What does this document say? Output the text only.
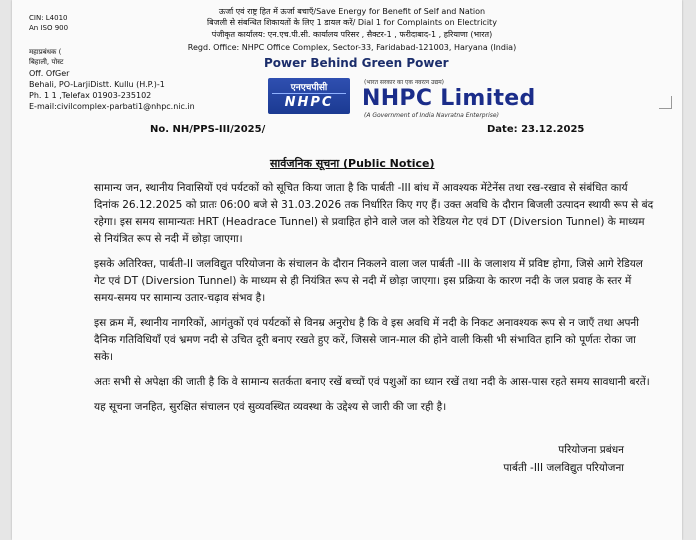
CIN: L4010
An ISO 900
ऊर्जा एवं राष्ट्र हित में ऊर्जा बचाएँ/Save Energy for Benefit of Self and Nation
बिजली से संबन्धित शिकायतों के लिए 1 डायल करें/ Dial 1 for Complaints on Electricity
पंजीकृत कार्यालय: एन.एच.पी.सी. कार्यालय परिसर , सैक्टर-1 , फरीदाबाद-1 , हरियाणा (भारत)
Regd. Office: NHPC Office Complex, Sector-33, Faridabad-121003, Haryana (India)
Power Behind Green Power
महाप्रबंधक (
बिहाली, पोस्ट
Off. OfGer
Behali, PO-LarjiDistt. Kullu (H.P.)-1
Ph. 1 1 ,Telefax 01903-235102
E-mail:civilcomplex-parbati1@nhpc.nic.in
एनएचपीसी
NHPC
(भारत सरकार का एक नवरत्न उद्यम)
NHPC Limited
(A Government of India Navratna Enterprise)
No. NH/PPS-III/2025/	Date: 23.12.2025
सार्वजनिक सूचना (Public Notice)

सामान्य जन, स्थानीय निवासियों एवं पर्यटकों को सूचित किया जाता है कि पार्बती -III बांध में आवश्यक मेंटेनेंस तथा रख-रखाव से संबंधित कार्य दिनांक 26.12.2025 को प्रातः 06:00 बजे से 31.03.2026 तक निर्धारित किए गए हैं। उक्त अवधि के दौरान बिजली उत्पादन स्थायी रूप से बंद रहेगा। इस समय सामान्यतः HRT (Headrace Tunnel) से प्रवाहित होने वाले जल को रेडियल गेट एवं DT (Diversion Tunnel) के माध्यम से नियंत्रित रूप से नदी में छोड़ा जाएगा।

इसके अतिरिक्त, पार्बती-II जलविद्युत परियोजना के संचालन के दौरान निकलने वाला जल पार्बती -III के जलाशय में प्रविष्ट होगा, जिसे आगे रेडियल गेट एवं DT (Diversion Tunnel) के माध्यम से ही नियंत्रित रूप से नदी में छोड़ा जाएगा। इस प्रक्रिया के कारण नदी के जल प्रवाह के स्तर में समय-समय पर सामान्य उतार-चढ़ाव संभव है।

इस क्रम में, स्थानीय नागरिकों, आगंतुकों एवं पर्यटकों से विनम्र अनुरोध है कि वे इस अवधि में नदी के निकट अनावश्यक रूप से न जाएँ तथा अपनी दैनिक गतिविधियाँ एवं भ्रमण नदी से उचित दूरी बनाए रखते हुए करें, जिससे जान-माल की होने वाली किसी भी संभावित हानि को पूर्णतः रोका जा सके।

अतः सभी से अपेक्षा की जाती है कि वे सामान्य सतर्कता बनाए रखें बच्चों एवं पशुओं का ध्यान रखें तथा नदी के आस-पास रहते समय सावधानी बरतें।

यह सूचना जनहित, सुरक्षित संचालन एवं सुव्यवस्थित व्यवस्था के उद्देश्य से जारी की जा रही है।

परियोजना प्रबंधन
पार्बती -III जलविद्युत परियोजना
